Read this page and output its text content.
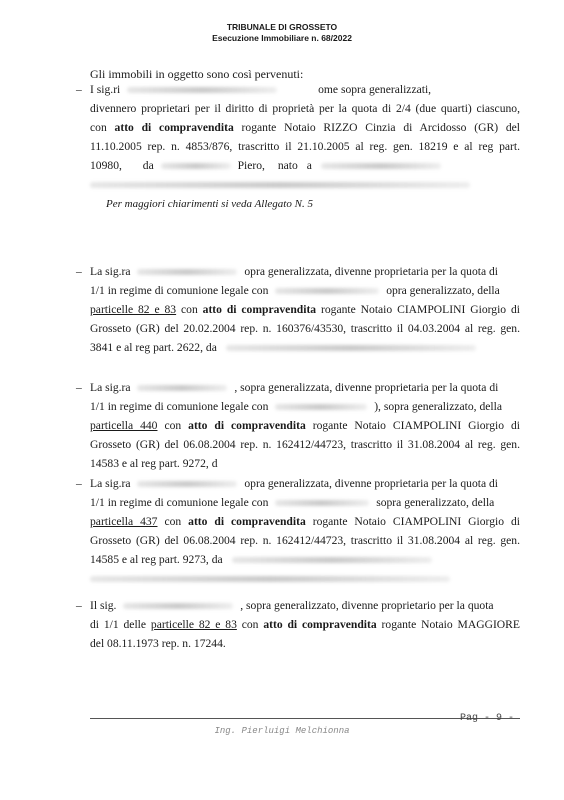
TRIBUNALE DI GROSSETO
Esecuzione Immobiliare n. 68/2022
Gli immobili in oggetto sono così pervenuti:
– I sig.ri	ome sopra generalizzati,
divennero proprietari per il diritto di proprietà per la quota di 2/4 (due quarti) ciascuno,
con atto di compravendita rogante Notaio RIZZO Cinzia di Arcidosso (GR) del
11.10.2005 rep. n. 4853/876, trascritto il 21.10.2005 al reg. gen. 18219 e al reg part.
10980, da	Piero, nato a
Per maggiori chiarimenti si veda Allegato N. 5
– La sig.ra	opra generalizzata, divenne proprietaria per la quota di
1/1 in regime di comunione legale con	opra generalizzato, della
particelle 82 e 83 con atto di compravendita rogante Notaio CIAMPOLINI Giorgio di
Grosseto (GR) del 20.02.2004 rep. n. 160376/43530, trascritto il 04.03.2004 al reg. gen.
3841 e al reg part. 2622, da
– La sig.ra	, sopra generalizzata, divenne proprietaria per la quota di
1/1 in regime di comunione legale con	), sopra generalizzato, della
particella 440 con atto di compravendita rogante Notaio CIAMPOLINI Giorgio di
Grosseto (GR) del 06.08.2004 rep. n. 162412/44723, trascritto il 31.08.2004 al reg. gen.
14583 e al reg part. 9272, d
– La sig.ra	opra generalizzata, divenne proprietaria per la quota di
1/1 in regime di comunione legale con	sopra generalizzato, della
particella 437 con atto di compravendita rogante Notaio CIAMPOLINI Giorgio di
Grosseto (GR) del 06.08.2004 rep. n. 162412/44723, trascritto il 31.08.2004 al reg. gen.
14585 e al reg part. 9273, da
– Il sig.	, sopra generalizzato, divenne proprietario per la quota
di 1/1 delle particelle 82 e 83 con atto di compravendita rogante Notaio MAGGIORE
del 08.11.1973 rep. n. 17244.
Pag - 9 -
Ing. Pierluigi Melchionna
